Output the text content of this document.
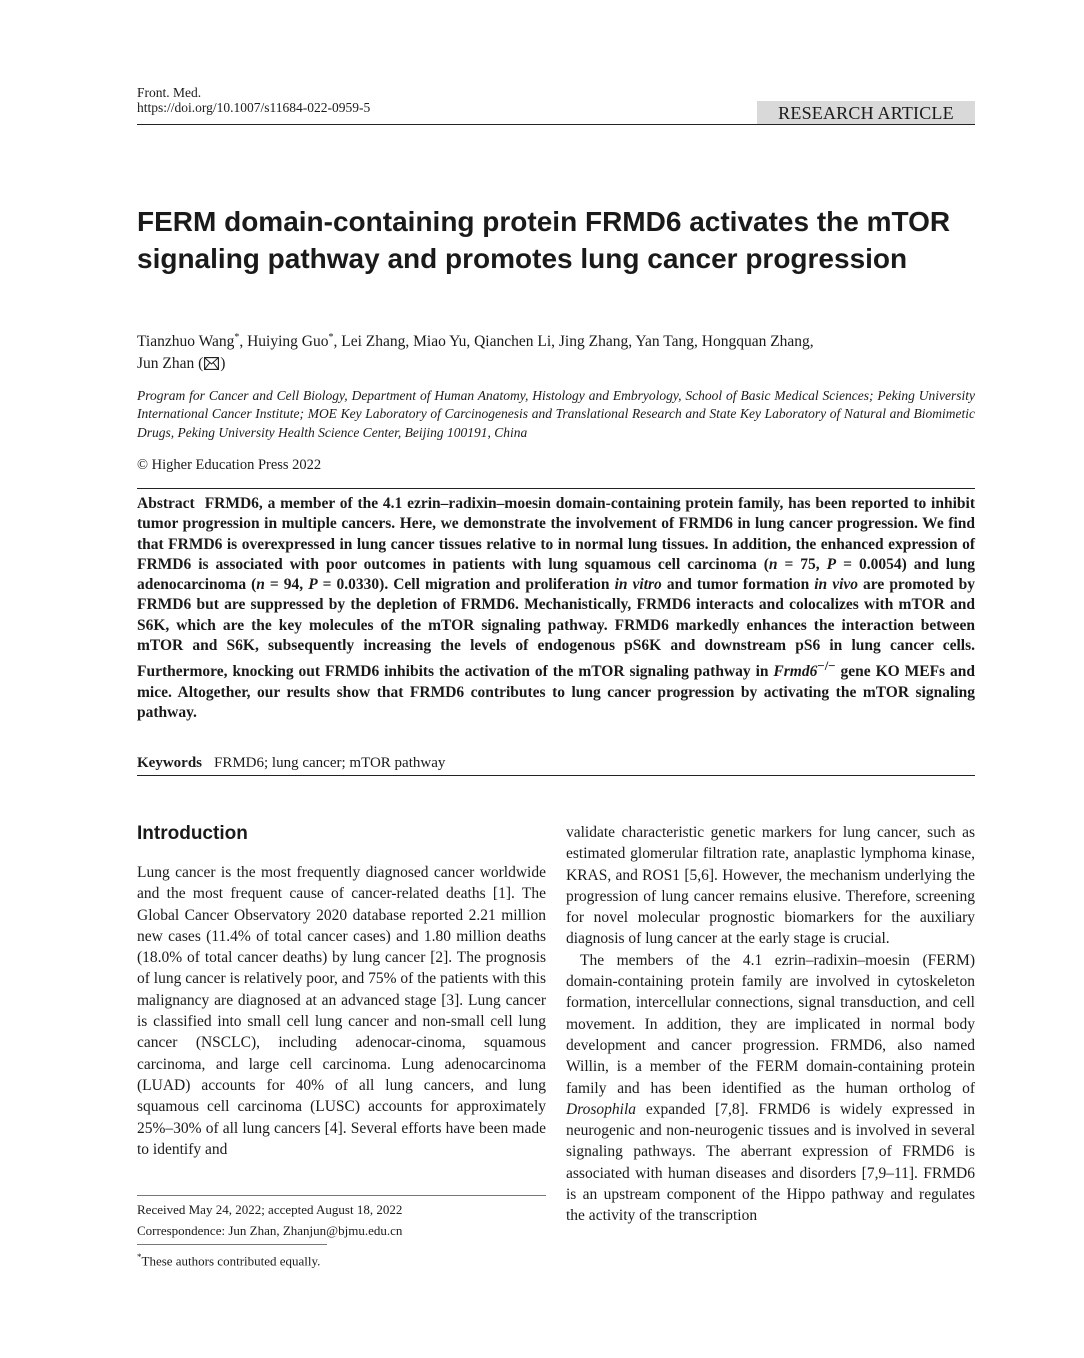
Front. Med.
https://doi.org/10.1007/s11684-022-0959-5	RESEARCH ARTICLE
FERM domain-containing protein FRMD6 activates the mTOR signaling pathway and promotes lung cancer progression
Tianzhuo Wang*, Huiying Guo*, Lei Zhang, Miao Yu, Qianchen Li, Jing Zhang, Yan Tang, Hongquan Zhang,
Jun Zhan ( )
Program for Cancer and Cell Biology, Department of Human Anatomy, Histology and Embryology, School of Basic Medical Sciences; Peking University International Cancer Institute; MOE Key Laboratory of Carcinogenesis and Translational Research and State Key Laboratory of Natural and Biomimetic Drugs, Peking University Health Science Center, Beijing 100191, China
© Higher Education Press 2022
Abstract FRMD6, a member of the 4.1 ezrin–radixin–moesin domain-containing protein family, has been reported to inhibit tumor progression in multiple cancers. Here, we demonstrate the involvement of FRMD6 in lung cancer progression. We find that FRMD6 is overexpressed in lung cancer tissues relative to in normal lung tissues. In addition, the enhanced expression of FRMD6 is associated with poor outcomes in patients with lung squamous cell carcinoma (n = 75, P = 0.0054) and lung adenocarcinoma (n = 94, P = 0.0330). Cell migration and proliferation in vitro and tumor formation in vivo are promoted by FRMD6 but are suppressed by the depletion of FRMD6. Mechanistically, FRMD6 interacts and colocalizes with mTOR and S6K, which are the key molecules of the mTOR signaling pathway. FRMD6 markedly enhances the interaction between mTOR and S6K, subsequently increasing the levels of endogenous pS6K and downstream pS6 in lung cancer cells. Furthermore, knocking out FRMD6 inhibits the activation of the mTOR signaling pathway in Frmd6−/− gene KO MEFs and mice. Altogether, our results show that FRMD6 contributes to lung cancer progression by activating the mTOR signaling pathway.
Keywords FRMD6; lung cancer; mTOR pathway
Introduction
Lung cancer is the most frequently diagnosed cancer worldwide and the most frequent cause of cancer-related deaths [1]. The Global Cancer Observatory 2020 database reported 2.21 million new cases (11.4% of total cancer cases) and 1.80 million deaths (18.0% of total cancer deaths) by lung cancer [2]. The prognosis of lung cancer is relatively poor, and 75% of the patients with this malignancy are diagnosed at an advanced stage [3]. Lung cancer is classified into small cell lung cancer and non-small cell lung cancer (NSCLC), including adenocar-cinoma, squamous carcinoma, and large cell carcinoma. Lung adenocarcinoma (LUAD) accounts for 40% of all lung cancers, and lung squamous cell carcinoma (LUSC) accounts for approximately 25%–30% of all lung cancers [4]. Several efforts have been made to identify and

validate characteristic genetic markers for lung cancer, such as estimated glomerular filtration rate, anaplastic lymphoma kinase, KRAS, and ROS1 [5,6]. However, the mechanism underlying the progression of lung cancer remains elusive. Therefore, screening for novel molecular prognostic biomarkers for the auxiliary diagnosis of lung cancer at the early stage is crucial.

The members of the 4.1 ezrin–radixin–moesin (FERM) domain-containing protein family are involved in cytoskeleton formation, intercellular connections, signal transduction, and cell movement. In addition, they are implicated in normal body development and cancer progression. FRMD6, also named Willin, is a member of the FERM domain-containing protein family and has been identified as the human ortholog of Drosophila expanded [7,8]. FRMD6 is widely expressed in neurogenic and non-neurogenic tissues and is involved in several signaling pathways. The aberrant expression of FRMD6 is associated with human diseases and disorders [7,9–11]. FRMD6 is an upstream component of the Hippo pathway and regulates the activity of the transcription

Received May 24, 2022; accepted August 18, 2022
Correspondence: Jun Zhan, Zhanjun@bjmu.edu.cn
*These authors contributed equally.
